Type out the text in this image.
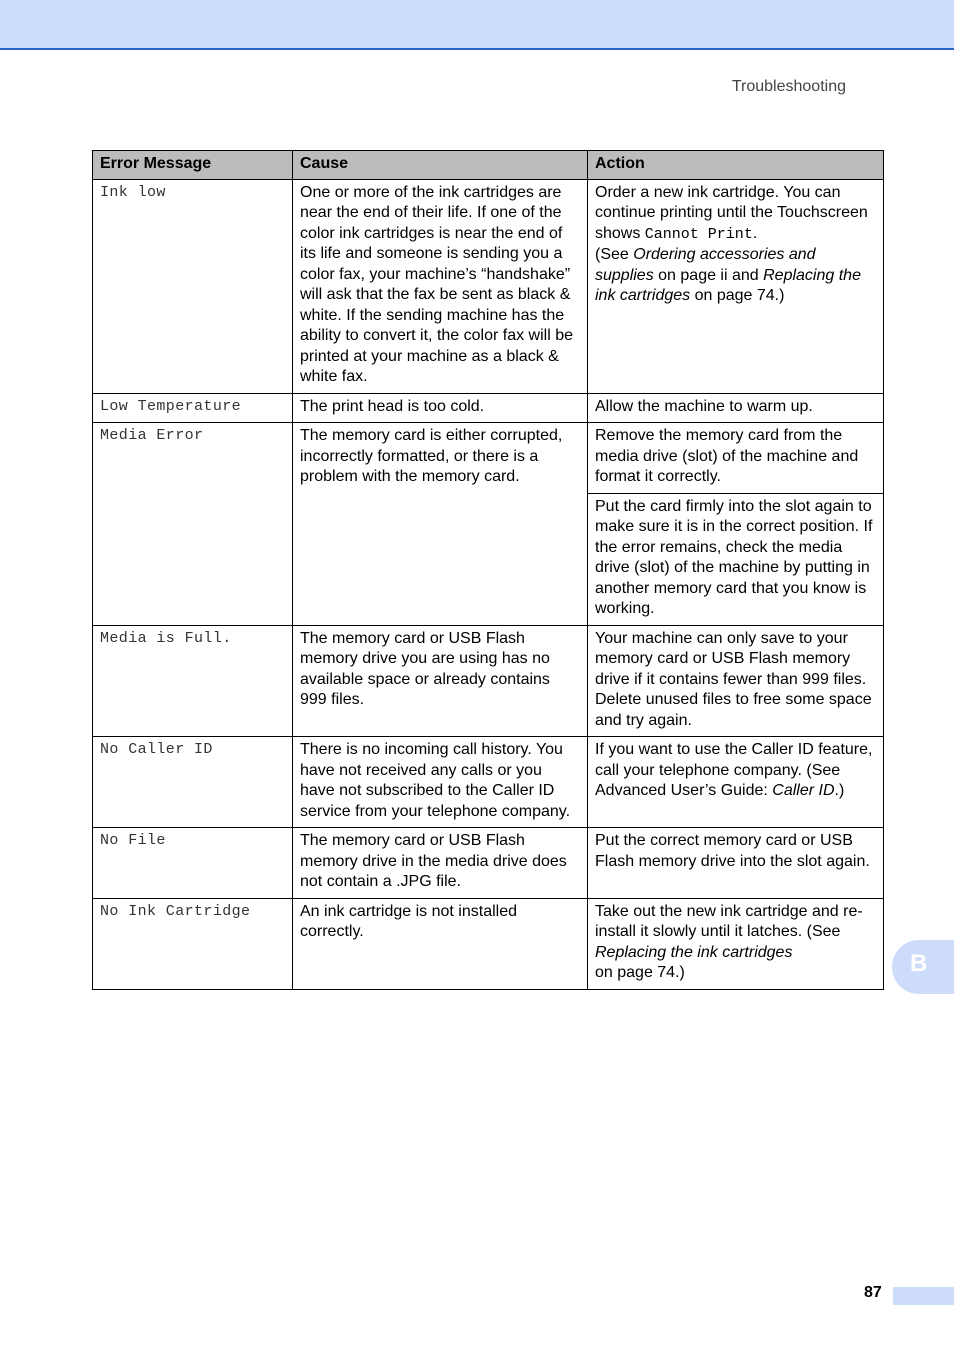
Troubleshooting
Error Message	Cause	Action
Ink low	One or more of the ink cartridges are near the end of their life. If one of the color ink cartridges is near the end of its life and someone is sending you a color fax, your machine’s “handshake” will ask that the fax be sent as black & white. If the sending machine has the ability to convert it, the color fax will be printed at your machine as a black & white fax.	Order a new ink cartridge. You can continue printing until the Touchscreen shows Cannot Print.
(See Ordering accessories and supplies on page ii and Replacing the ink cartridges on page 74.)
Low Temperature	The print head is too cold.	Allow the machine to warm up.
Media Error	The memory card is either corrupted, incorrectly formatted, or there is a problem with the memory card.	Remove the memory card from the media drive (slot) of the machine and format it correctly.
		Put the card firmly into the slot again to make sure it is in the correct position. If the error remains, check the media drive (slot) of the machine by putting in another memory card that you know is working.
Media is Full.	The memory card or USB Flash memory drive you are using has no available space or already contains 999 files.	Your machine can only save to your memory card or USB Flash memory drive if it contains fewer than 999 files. Delete unused files to free some space and try again.
No Caller ID	There is no incoming call history. You have not received any calls or you have not subscribed to the Caller ID service from your telephone company.	If you want to use the Caller ID feature, call your telephone company. (See Advanced User’s Guide: Caller ID.)
No File	The memory card or USB Flash memory drive in the media drive does not contain a .JPG file.	Put the correct memory card or USB Flash memory drive into the slot again.
No Ink Cartridge	An ink cartridge is not installed correctly.	Take out the new ink cartridge and re-install it slowly until it latches. (See Replacing the ink cartridges
on page 74.)	B
87
